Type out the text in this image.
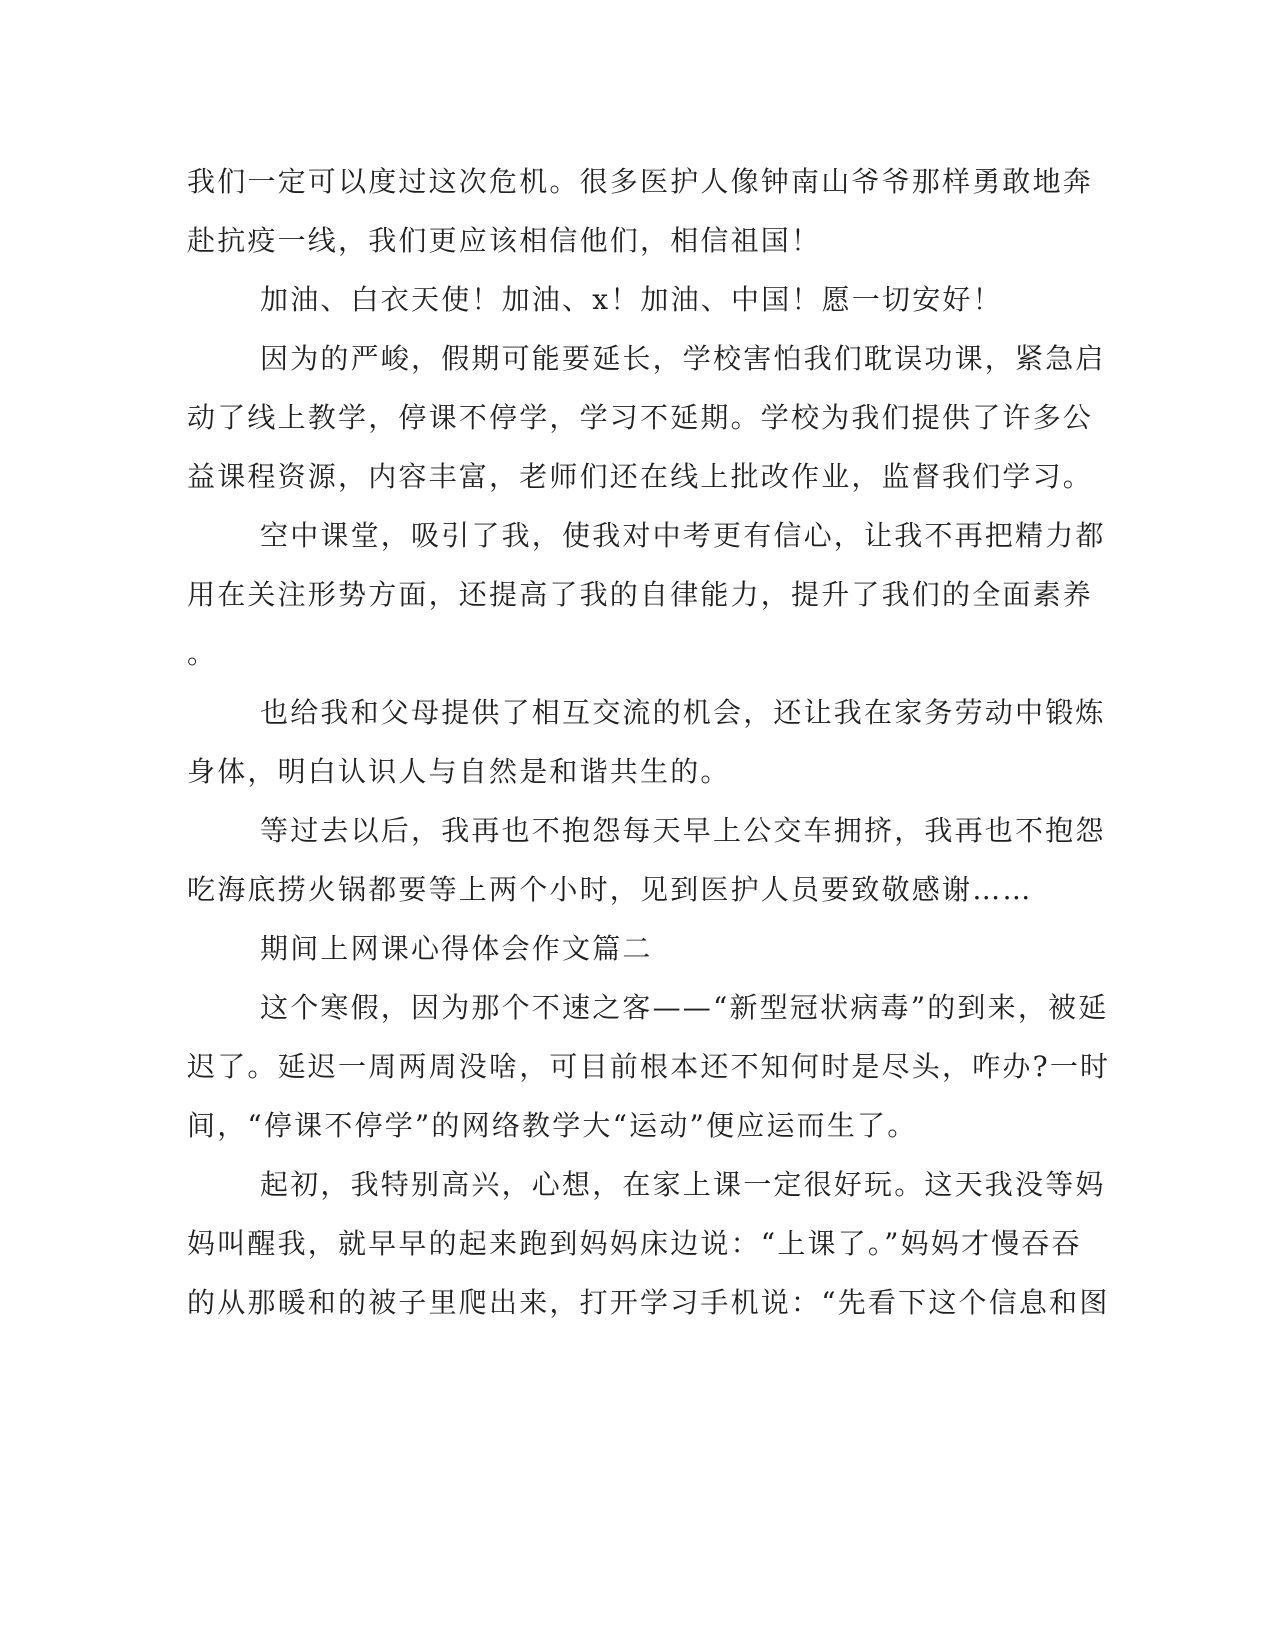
我们一定可以度过这次危机。很多医护人像钟南山爷爷那样勇敢地奔

赴抗疫一线，我们更应该相信他们，相信祖国！

加油、白衣天使！加油、x！加油、中国！愿一切安好！

因为的严峻，假期可能要延长，学校害怕我们耽误功课，紧急启

动了线上教学，停课不停学，学习不延期。学校为我们提供了许多公

益课程资源，内容丰富，老师们还在线上批改作业，监督我们学习。

空中课堂，吸引了我，使我对中考更有信心，让我不再把精力都

用在关注形势方面，还提高了我的自律能力，提升了我们的全面素养

。

也给我和父母提供了相互交流的机会，还让我在家务劳动中锻炼

身体，明白认识人与自然是和谐共生的。

等过去以后，我再也不抱怨每天早上公交车拥挤，我再也不抱怨

吃海底捞火锅都要等上两个小时，见到医护人员要致敬感谢……

期间上网课心得体会作文篇二

这个寒假，因为那个不速之客——“新型冠状病毒”的到来，被延

迟了。延迟一周两周没啥，可目前根本还不知何时是尽头，咋办?一时

间，“停课不停学”的网络教学大“运动”便应运而生了。

起初，我特别高兴，心想，在家上课一定很好玩。这天我没等妈

妈叫醒我，就早早的起来跑到妈妈床边说：“上课了。”妈妈才慢吞吞

的从那暖和的被子里爬出来，打开学习手机说：“先看下这个信息和图
